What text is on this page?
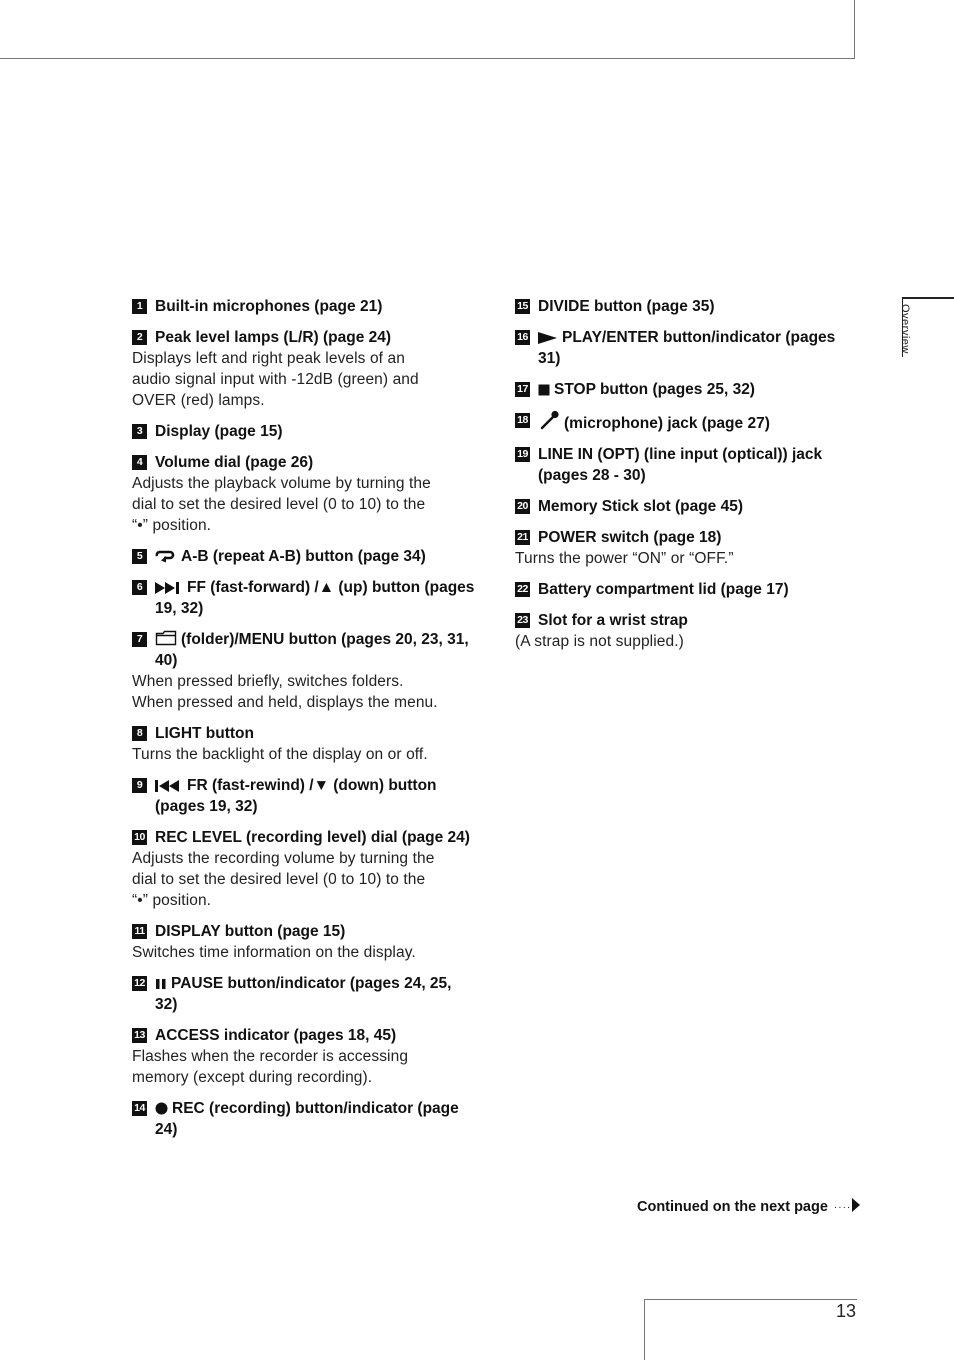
Overview
1 Built-in microphones (page 21)
2 Peak level lamps (L/R) (page 24)
Displays left and right peak levels of an
audio signal input with -12dB (green) and
OVER (red) lamps.
3 Display (page 15)
4 Volume dial (page 26)
Adjusts the playback volume by turning the
dial to set the desired level (0 to 10) to the
“•” position.
5	A-B (repeat A-B) button (page 34)
6	FF (fast-forward) /▲ (up) button (pages 19, 32)
7	(folder)/MENU button (pages 20, 23, 31, 40)
When pressed briefly, switches folders.
When pressed and held, displays the menu.
8 LIGHT button
Turns the backlight of the display on or off.
9	FR (fast-rewind) /▼ (down) button (pages 19, 32)
10 REC LEVEL (recording level) dial (page 24)
Adjusts the recording volume by turning the
dial to set the desired level (0 to 10) to the
“•” position.
11 DISPLAY button (page 15)
Switches time information on the display.
12	PAUSE button/indicator (pages 24, 25, 32)
13 ACCESS indicator (pages 18, 45)
Flashes when the recorder is accessing
memory (except during recording).
14	REC (recording) button/indicator (page 24)
15 DIVIDE button (page 35)
16	PLAY/ENTER button/indicator (pages 31)
17	STOP button (pages 25, 32)
18	(microphone) jack (page 27)
19 LINE IN (OPT) (line input (optical)) jack (pages 28 - 30)
20 Memory Stick slot (page 45)
21 POWER switch (page 18)
Turns the power “ON” or “OFF.”
22 Battery compartment lid (page 17)
23 Slot for a wrist strap
(A strap is not supplied.)
Continued on the next page ····
13
